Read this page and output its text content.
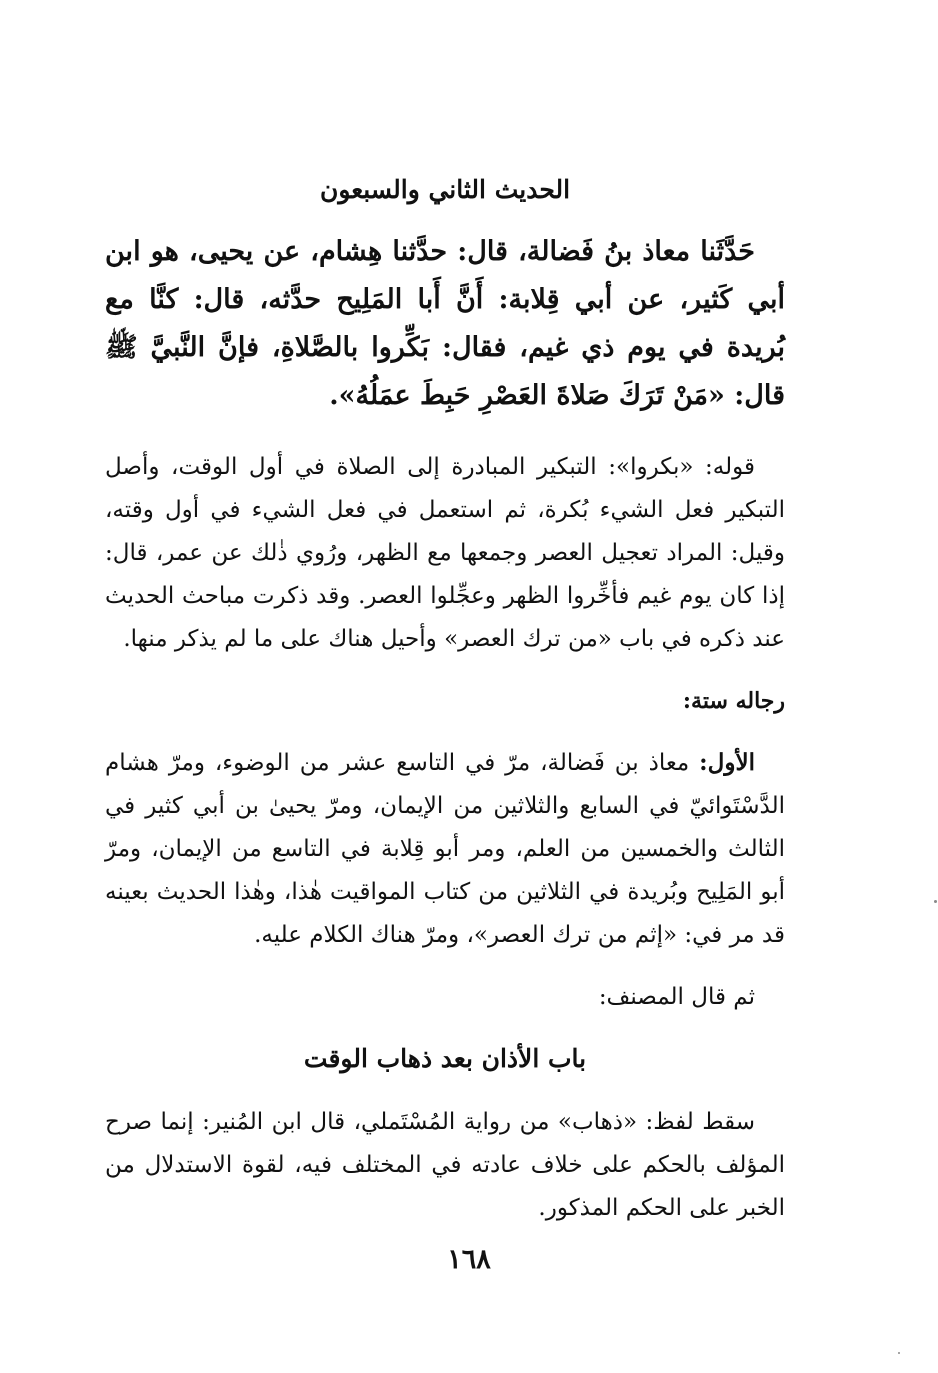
الحديث الثاني والسبعون

حَدَّثَنا معاذ بنُ فَضالة، قال: حدَّثنا هِشام، عن يحيى، هو ابن أبي كَثير، عن أبي قِلابة: أَنَّ أَبا المَلِيح حدَّثه، قال: كنَّا مع بُريدة في يوم ذي غيم، فقال: بَكِّروا بالصَّلاةِ، فإنَّ النَّبيَّ ﷺ قال: «مَنْ تَرَكَ صَلاةَ العَصْرِ حَبِطَ عمَلُهُ».

قوله: «بكروا»: التبكير المبادرة إلى الصلاة في أول الوقت، وأصل التبكير فعل الشيء بُكرة، ثم استعمل في فعل الشيء في أول وقته، وقيل: المراد تعجيل العصر وجمعها مع الظهر، ورُوي ذٰلك عن عمر، قال: إذا كان يوم غيم فأخِّروا الظهر وعجِّلوا العصر. وقد ذكرت مباحث الحديث عند ذكره في باب «من ترك العصر» وأحيل هناك على ما لم يذكر منها.

رجاله ستة:

الأول: معاذ بن فَضالة، مرّ في التاسع عشر من الوضوء، ومرّ هشام الدَّسْتَوائيّ في السابع والثلاثين من الإيمان، ومرّ يحيىٰ بن أبي كثير في الثالث والخمسين من العلم، ومر أبو قِلابة في التاسع من الإيمان، ومرّ أبو المَلِيح وبُريدة في الثلاثين من كتاب المواقيت هٰذا، وهٰذا الحديث بعينه قد مر في: «إثم من ترك العصر»، ومرّ هناك الكلام عليه.

ثم قال المصنف:

باب الأذان بعد ذهاب الوقت

سقط لفظ: «ذهاب» من رواية المُسْتَملي، قال ابن المُنير: إنما صرح المؤلف بالحكم على خلاف عادته في المختلف فيه، لقوة الاستدلال من الخبر على الحكم المذكور.

١٦٨
